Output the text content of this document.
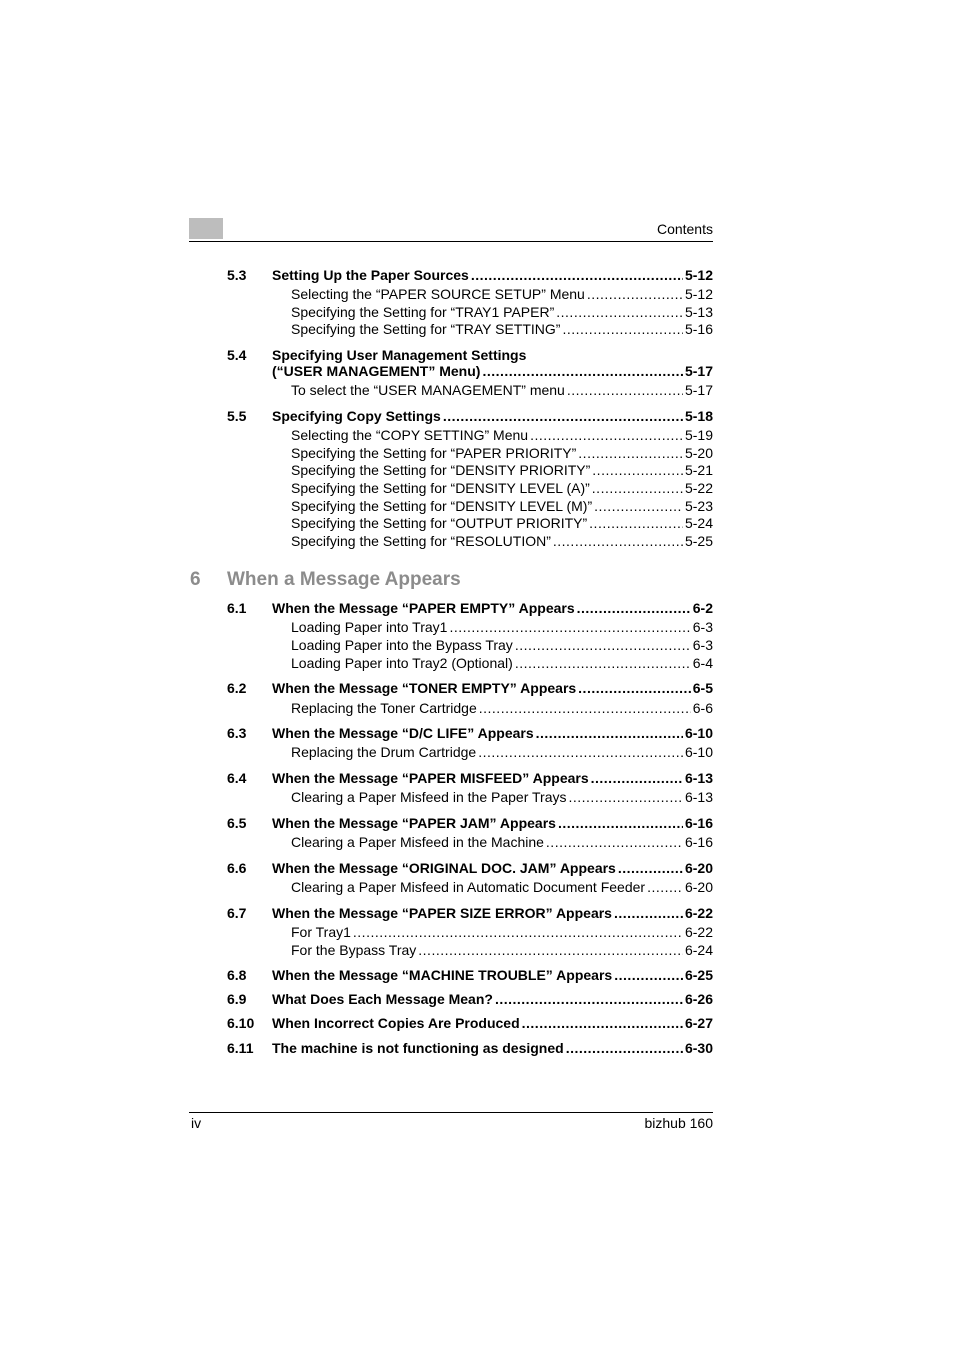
Contents
5.3 Setting Up the Paper Sources .....	5-12
Selecting the “PAPER SOURCE SETUP” Menu .....	5-12
Specifying the Setting for “TRAY1 PAPER” .....	5-13
Specifying the Setting for “TRAY SETTING” .....	5-16
5.4 Specifying User Management Settings
(“USER MANAGEMENT” Menu) .....	5-17
To select the “USER MANAGEMENT” menu .....	5-17
5.5 Specifying Copy Settings .....	5-18
Selecting the “COPY SETTING” Menu .....	5-19
Specifying the Setting for “PAPER PRIORITY” .....	5-20
Specifying the Setting for “DENSITY PRIORITY” .....	5-21
Specifying the Setting for “DENSITY LEVEL (A)” .....	5-22
Specifying the Setting for “DENSITY LEVEL (M)” .....	5-23
Specifying the Setting for “OUTPUT PRIORITY” .....	5-24
Specifying the Setting for “RESOLUTION” .....	5-25
6.1 When the Message “PAPER EMPTY” Appears .....	6-2
Loading Paper into Tray1 .....	6-3
Loading Paper into the Bypass Tray .....	6-3
Loading Paper into Tray2 (Optional) .....	6-4
6.2 When the Message “TONER EMPTY” Appears .....	6-5
Replacing the Toner Cartridge .....	6-6
6.3 When the Message “D/C LIFE” Appears .....	6-10
Replacing the Drum Cartridge .....	6-10
6.4 When the Message “PAPER MISFEED” Appears .....	6-13
Clearing a Paper Misfeed in the Paper Trays .....	6-13
6.5 When the Message “PAPER JAM” Appears .....	6-16
Clearing a Paper Misfeed in the Machine .....	6-16
6.6 When the Message “ORIGINAL DOC. JAM” Appears .....	6-20
Clearing a Paper Misfeed in Automatic Document Feeder .....	6-20
6.7 When the Message “PAPER SIZE ERROR” Appears .....	6-22
For Tray1 .....	6-22
For the Bypass Tray .....	6-24
6.8 When the Message “MACHINE TROUBLE” Appears .....	6-25
6.9 What Does Each Message Mean? .....	6-26
6.10 When Incorrect Copies Are Produced .....	6-27
6.11 The machine is not functioning as designed .....	6-30
6 When a Message Appears
iv	bizhub 160
